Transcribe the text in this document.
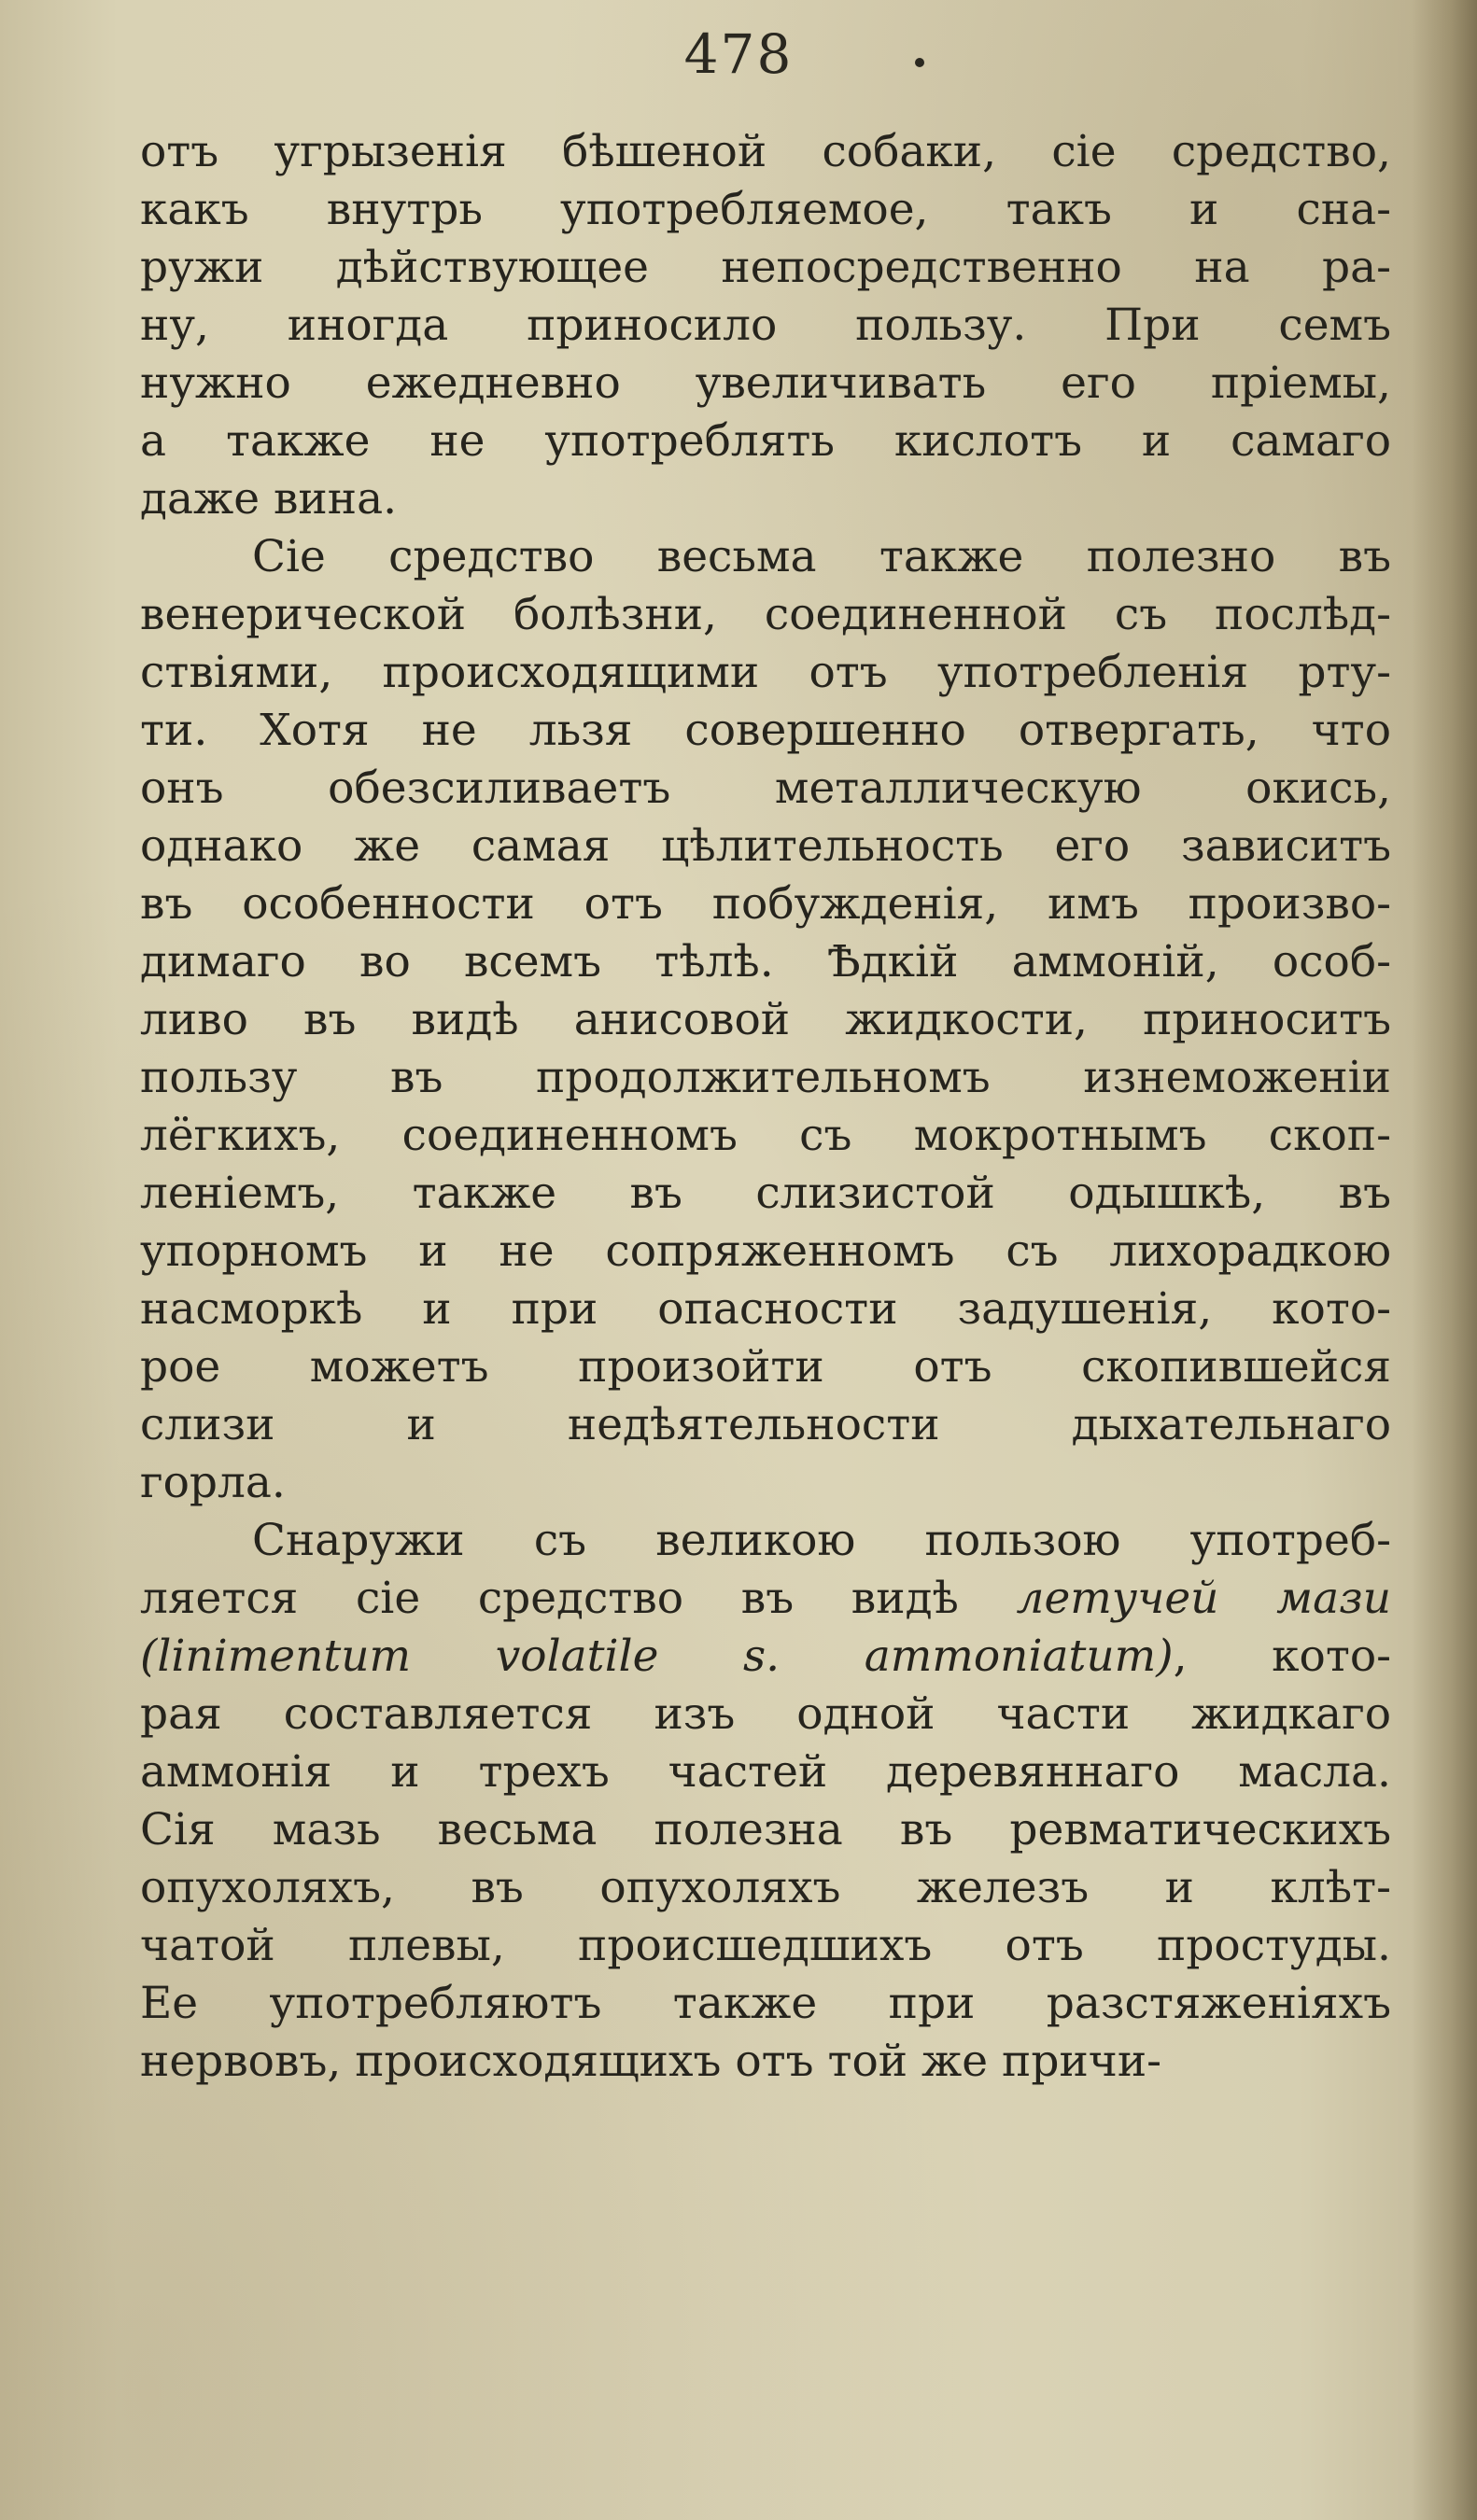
478
отъ угрызенія бѣшеной собаки, сіе средство,
какъ внутрь употребляемое, такъ и сна-
ружи дѣйствующее непосредственно на ра-
ну, иногда приносило пользу. При семъ
нужно ежедневно увеличивать его пріемы,
а также не употреблять кислотъ и самаго
даже вина.
Сіе средство весьма также полезно въ
венерической болѣзни, соединенной съ послѣд-
ствіями, происходящими отъ употребленія рту-
ти. Хотя не льзя совершенно отвергать, что
онъ обезсиливаетъ металлическую окись,
однако же самая цѣлительность его зависитъ
въ особенности отъ побужденія, имъ произво-
димаго во всемъ тѣлѣ. Ѣдкій аммоній, особ-
ливо въ видѣ анисовой жидкости, приноситъ
пользу въ продолжительномъ изнеможеніи
лёгкихъ, соединенномъ съ мокротнымъ скоп-
леніемъ, также въ слизистой одышкѣ, въ
упорномъ и не сопряженномъ съ лихорадкою
насморкѣ и при опасности задушенія, кото-
рое можетъ произойти отъ скопившейся
слизи и недѣятельности дыхательнаго
горла.
Снаружи съ великою пользою употреб-
ляется сіе средство въ видѣ летучей мази
(linimentum volatile s. ammoniatum), кото-
рая составляется изъ одной части жидкаго
аммонія и трехъ частей деревяннаго масла.
Сія мазь весьма полезна въ ревматическихъ
опухоляхъ, въ опухоляхъ железъ и клѣт-
чатой плевы, происшедшихъ отъ простуды.
Ее употребляютъ также при разстяженіяхъ
нервовъ, происходящихъ отъ той же причи-
